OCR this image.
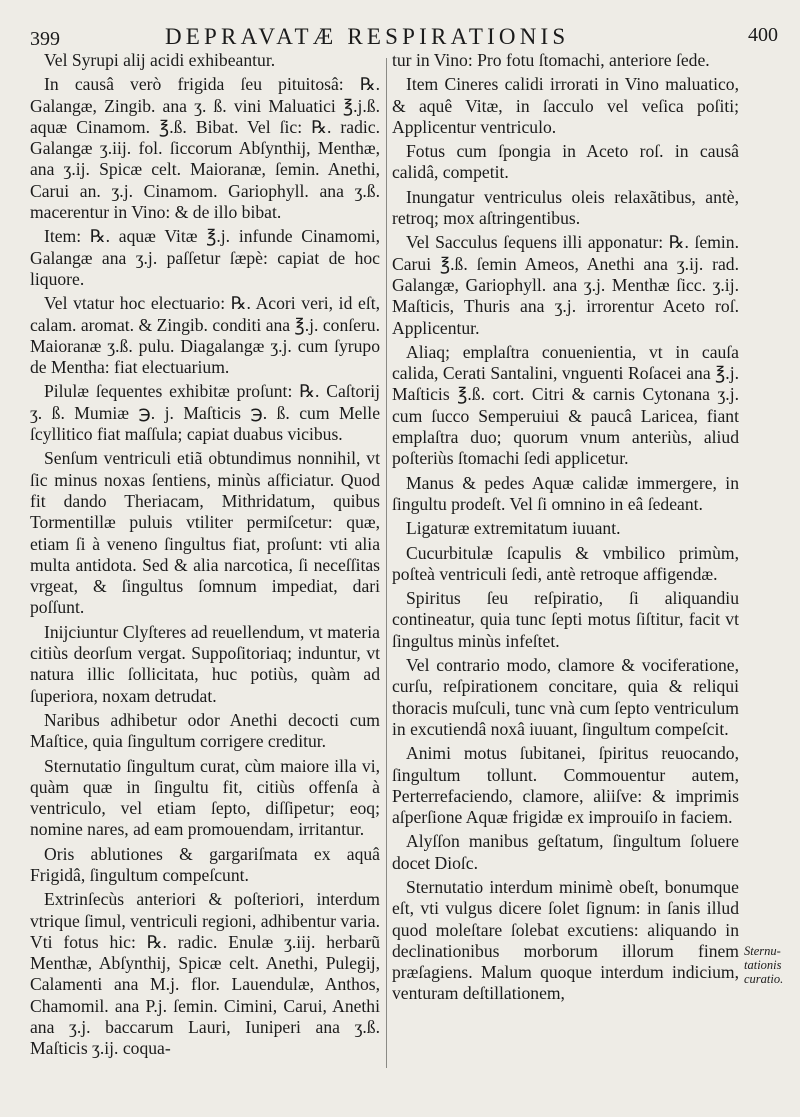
399	DEPRAVATÆ RESPIRATIONIS	400

Vel Syrupi alij acidi exhibeantur.

In causâ verò frigida ſeu pituitosâ: ℞. Galangæ, Zingib. ana ʒ. ß. vini Maluatici ℥.j.ß. aquæ Cinamom. ℥.ß. Bibat. Vel ſic: ℞. radic. Galangæ ʒ.iij. fol. ſiccorum Abſynthij, Menthæ, ana ʒ.ij. Spicæ celt. Maioranæ, ſemin. Anethi, Carui an. ʒ.j. Cinamom. Gariophyll. ana ʒ.ß. macerentur in Vino: & de illo bibat.

Item: ℞. aquæ Vitæ ℥.j. infunde Cinamomi, Galangæ ana ʒ.j. paſſetur ſæpè: capiat de hoc liquore.

Vel vtatur hoc electuario: ℞. Acori veri, id eſt, calam. aromat. & Zingib. conditi ana ℥.j. conſeru. Maioranæ ʒ.ß. pulu. Diagalangæ ʒ.j. cum ſyrupo de Mentha: fiat electuarium.

Pilulæ ſequentes exhibitæ proſunt: ℞. Caſtorij ʒ. ß. Mumiæ ℈. j. Maſticis ℈. ß. cum Melle ſcyllitico fiat maſſula; capiat duabus vicibus.

Senſum ventriculi etiã obtundimus nonnihil, vt ſic minus noxas ſentiens, minùs aſficiatur. Quod fit dando Theriacam, Mithridatum, quibus Tormentillæ puluis vtiliter permiſcetur: quæ, etiam ſi à veneno ſingultus fiat, proſunt: vti alia multa antidota. Sed & alia narcotica, ſi neceſſitas vrgeat, & ſingultus ſomnum impediat, dari poſſunt.

Inijciuntur Clyſteres ad reuellendum, vt materia citiùs deorſum vergat. Suppoſitoriaq; induntur, vt natura illic ſollicitata, huc potiùs, quàm ad ſuperiora, noxam detrudat.

Naribus adhibetur odor Anethi decocti cum Maſtice, quia ſingultum corrigere creditur.

Sternutatio ſingultum curat, cùm maiore illa vi, quàm quæ in ſingultu fit, citiùs offenſa à ventriculo, vel etiam ſepto, diſſipetur; eoq; nomine nares, ad eam promouendam, irritantur.

Oris ablutiones & gargariſmata ex aquâ Frigidâ, ſingultum compeſcunt.

Extrinſecùs anteriori & poſteriori, interdum vtrique ſimul, ventriculi regioni, adhibentur varia. Vti fotus hic: ℞. radic. Enulæ ʒ.iij. herbarũ Menthæ, Abſynthij, Spicæ celt. Anethi, Pulegij, Calamenti ana M.j. flor. Lauendulæ, Anthos, Chamomil. ana P.j. ſemin. Cimini, Carui, Anethi ana ʒ.j. baccarum Lauri, Iuniperi ana ʒ.ß. Maſticis ʒ.ij. coqua-

tur in Vino: Pro fotu ſtomachi, anteriore ſede.

Item Cineres calidi irrorati in Vino maluatico, & aquê Vitæ, in ſacculo vel veſica poſiti; Applicentur ventriculo.

Fotus cum ſpongia in Aceto roſ. in causâ calidâ, competit.

Inungatur ventriculus oleis relaxãtibus, antè, retroq; mox aſtringentibus.

Vel Sacculus ſequens illi apponatur: ℞. ſemin. Carui ℥.ß. ſemin Ameos, Anethi ana ʒ.ij. rad. Galangæ, Gariophyll. ana ʒ.j. Menthæ ſicc. ʒ.ij. Maſticis, Thuris ana ʒ.j. irrorentur Aceto roſ. Applicentur.

Aliaq; emplaſtra conuenientia, vt in cauſa calida, Cerati Santalini, vnguenti Roſacei ana ℥.j. Maſticis ℥.ß. cort. Citri & carnis Cytonana ʒ.j. cum ſucco Semperuiui & paucâ Laricea, fiant emplaſtra duo; quorum vnum anteriùs, aliud poſteriùs ſtomachi ſedi applicetur.

Manus & pedes Aquæ calidæ immergere, in ſingultu prodeſt. Vel ſi omnino in eâ ſedeant.

Ligaturæ extremitatum iuuant.

Cucurbitulæ ſcapulis & vmbilico primùm, poſteà ventriculi ſedi, antè retroque affigendæ.

Spiritus ſeu reſpiratio, ſi aliquandiu contineatur, quia tunc ſepti motus ſiſtitur, facit vt ſingultus minùs infeſtet.

Vel contrario modo, clamore & vociferatione, curſu, reſpirationem concitare, quia & reliqui thoracis muſculi, tunc vnà cum ſepto ventriculum in excutiendâ noxâ iuuant, ſingultum compeſcit.

Animi motus ſubitanei, ſpiritus reuocando, ſingultum tollunt. Commouentur autem, Perterrefaciendo, clamore, aliiſve: & imprimis aſperſione Aquæ frigidæ ex improuiſo in faciem.

Alyſſon manibus geſtatum, ſingultum ſoluere docet Dioſc.

Sternutatio interdum minimè obeſt, bonumque eſt, vti vulgus dicere ſolet ſignum: in ſanis illud quod moleſtare ſolebat excutiens: aliquando in declinationibus morborum illorum finem præſagiens. Malum quoque interdum indicium, venturam deſtillationem,

Sternu-
tationis
curatio.
